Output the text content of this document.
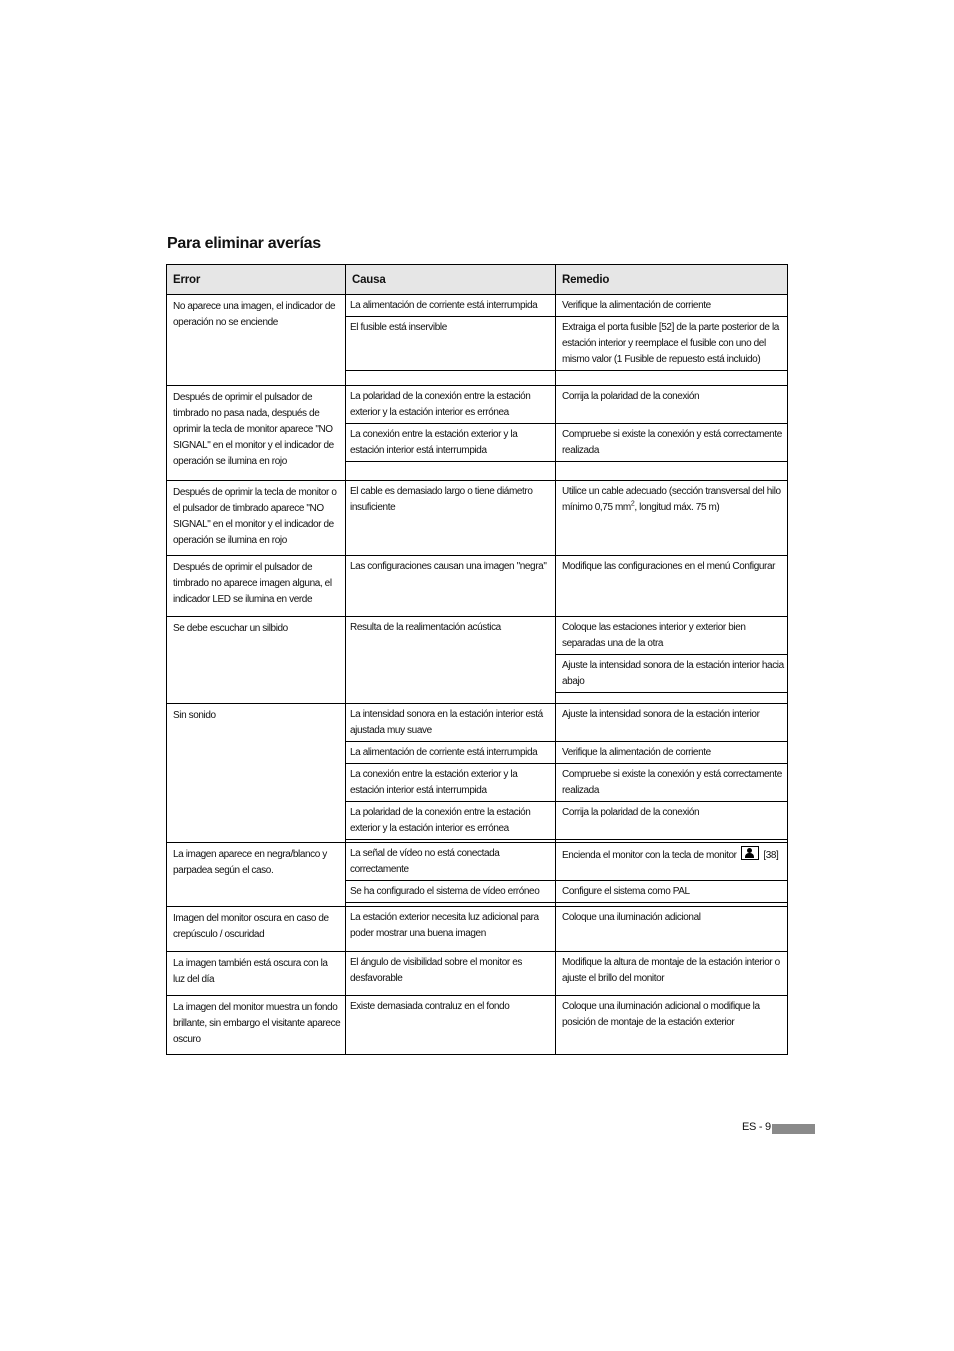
Para eliminar averías
Error	Causa	Remedio
No aparece una imagen, el indicador de operación no se enciende	La alimentación de corriente está interrumpida	Verifique la alimentación de corriente
	El fusible está inservible	Extraiga el porta fusible [52] de la parte posterior de la estación interior y reemplace el fusible con uno del mismo valor (1 Fusible de repuesto está incluido)

Después de oprimir el pulsador de timbrado no pasa nada, después de oprimir la tecla de monitor aparece "NO SIGNAL" en el monitor y el indicador de operación se ilumina en rojo	La polaridad de la conexión entre la estación exterior y la estación interior es errónea	Corrija la polaridad de la conexión
	La conexión entre la estación exterior y la estación interior está interrumpida	Compruebe si existe la conexión y está correctamente realizada

Después de oprimir la tecla de monitor o el pulsador de timbrado aparece "NO SIGNAL" en el monitor y el indicador de operación se ilumina en rojo	El cable es demasiado largo o tiene diámetro insuficiente	Utilice un cable adecuado (sección transversal del hilo mínimo 0,75 $mm^2$, longitud máx. 75 m)
Después de oprimir el pulsador de timbrado no aparece imagen alguna, el indicador LED se ilumina en verde	Las configuraciones causan una imagen "negra"	Modifique las configuraciones en el menú Configurar
Se debe escuchar un silbido	Resulta de la realimentación acústica	Coloque las estaciones interior y exterior bien separadas una de la otra
		Ajuste la intensidad sonora de la estación interior hacia abajo

Sin sonido	La intensidad sonora en la estación interior está ajustada muy suave	Ajuste la intensidad sonora de la estación interior
	La alimentación de corriente está interrumpida	Verifique la alimentación de corriente
	La conexión entre la estación exterior y la estación interior está interrumpida	Compruebe si existe la conexión y está correctamente realizada
	La polaridad de la conexión entre la estación exterior y la estación interior es errónea	Corrija la polaridad de la conexión

La imagen aparece en negra/blanco y parpadea según el caso.	La señal de vídeo no está conectada correctamente	Encienda el monitor con la tecla de monitor [38]
	Se ha configurado el sistema de vídeo erróneo	Configure el sistema como PAL

Imagen del monitor oscura en caso de crepúsculo / oscuridad	La estación exterior necesita luz adicional para poder mostrar una buena imagen	Coloque una iluminación adicional
La imagen también está oscura con la luz del día	El ángulo de visibilidad sobre el monitor es desfavorable	Modifique la altura de montaje de la estación interior o ajuste el brillo del monitor
La imagen del monitor muestra un fondo brillante, sin embargo el visitante aparece oscuro	Existe demasiada contraluz en el fondo	Coloque una iluminación adicional o modifique la posición de montaje de la estación exterior
ES - 9
